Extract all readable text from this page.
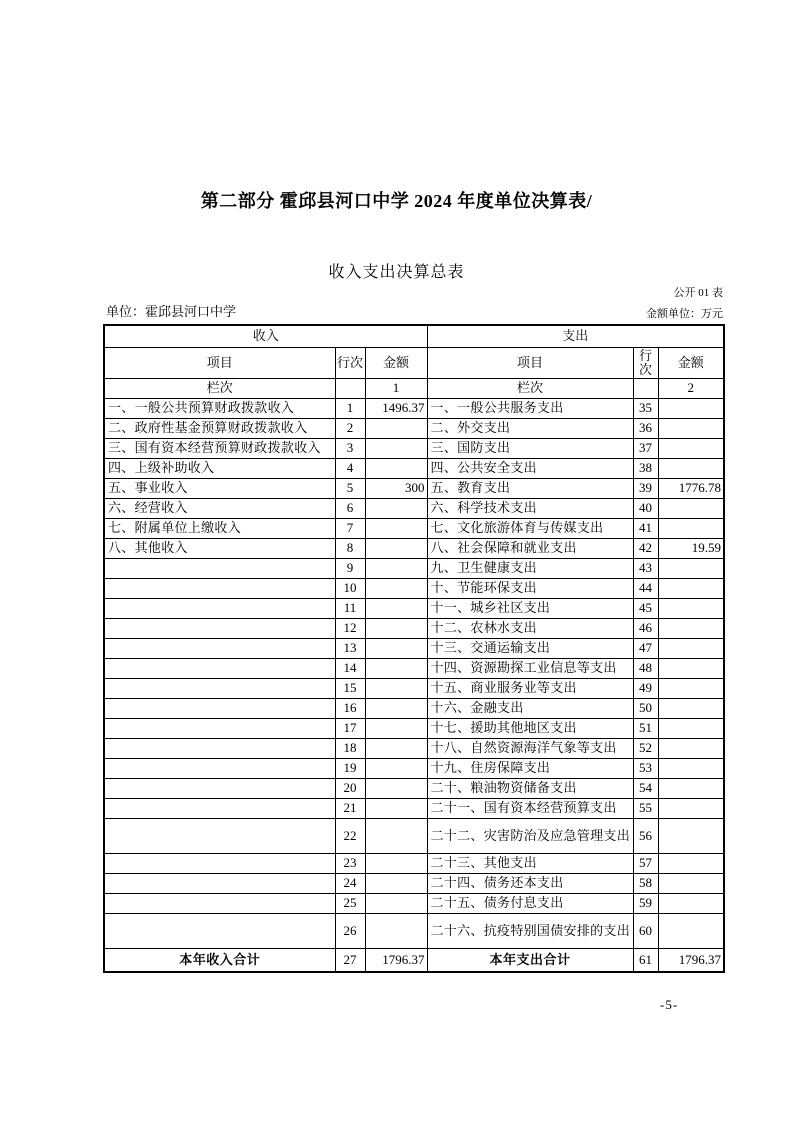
第二部分 霍邱县河口中学 2024 年度单位决算表/
收入支出决算总表
公开 01 表
单位：霍邱县河口中学	金额单位：万元
收入			支出		
项目	行次	金额	项目	行次	金额
栏次		1	栏次		2
一、一般公共预算财政拨款收入	1	1496.37	一、一般公共服务支出	35	
二、政府性基金预算财政拨款收入	2		二、外交支出	36	
三、国有资本经营预算财政拨款收入	3		三、国防支出	37	
四、上级补助收入	4		四、公共安全支出	38	
五、事业收入	5	300	五、教育支出	39	1776.78
六、经营收入	6		六、科学技术支出	40	
七、附属单位上缴收入	7		七、文化旅游体育与传媒支出	41	
八、其他收入	8		八、社会保障和就业支出	42	19.59
	9		九、卫生健康支出	43	
	10		十、节能环保支出	44	
	11		十一、城乡社区支出	45	
	12		十二、农林水支出	46	
	13		十三、交通运输支出	47	
	14		十四、资源勘探工业信息等支出	48	
	15		十五、商业服务业等支出	49	
	16		十六、金融支出	50	
	17		十七、援助其他地区支出	51	
	18		十八、自然资源海洋气象等支出	52	
	19		十九、住房保障支出	53	
	20		二十、粮油物资储备支出	54	
	21		二十一、国有资本经营预算支出	55	
	22		二十二、灾害防治及应急管理支出	56	
	23		二十三、其他支出	57	
	24		二十四、债务还本支出	58	
	25		二十五、债务付息支出	59	
	26		二十六、抗疫特别国债安排的支出	60	
本年收入合计	27	1796.37	本年支出合计	61	1796.37
-5-
